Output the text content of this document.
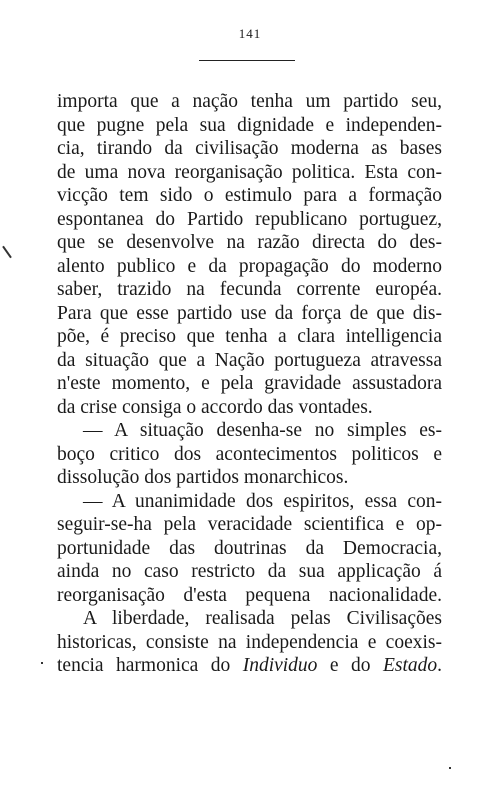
141
importa que a nação tenha um partido seu,
que pugne pela sua dignidade e independen-
cia, tirando da civilisação moderna as bases
de uma nova reorganisação politica. Esta con-
vicção tem sido o estimulo para a formação
espontanea do Partido republicano portuguez,
que se desenvolve na razão directa do des-
alento publico e da propagação do moderno
saber, trazido na fecunda corrente européa.
Para que esse partido use da força de que dis-
põe, é preciso que tenha a clara intelligencia
da situação que a Nação portugueza atravessa
n'este momento, e pela gravidade assustadora
da crise consiga o accordo das vontades.
— A situação desenha-se no simples es-
boço critico dos acontecimentos politicos e
dissolução dos partidos monarchicos.
— A unanimidade dos espiritos, essa con-
seguir-se-ha pela veracidade scientifica e op-
portunidade das doutrinas da Democracia,
ainda no caso restricto da sua applicação á
reorganisação d'esta pequena nacionalidade.
A liberdade, realisada pelas Civilisações
historicas, consiste na independencia e coexis-
tencia harmonica do Individuo e do Estado.
